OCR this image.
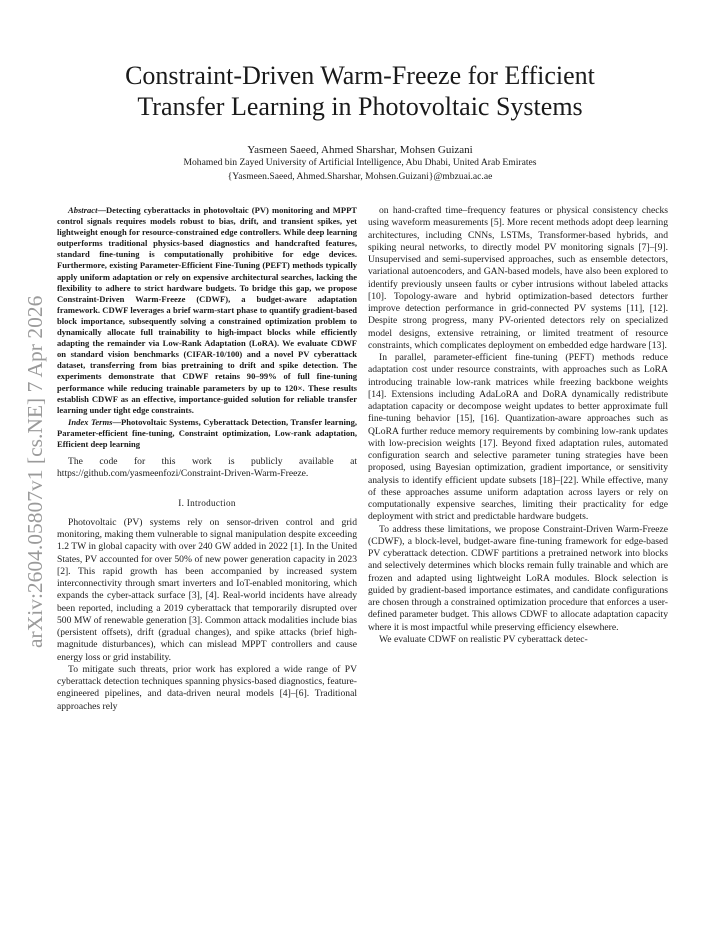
arXiv:2604.05807v1 [cs.NE] 7 Apr 2026
Constraint-Driven Warm-Freeze for Efficient
Transfer Learning in Photovoltaic Systems
Yasmeen Saeed, Ahmed Sharshar, Mohsen Guizani
Mohamed bin Zayed University of Artificial Intelligence, Abu Dhabi, United Arab Emirates
{Yasmeen.Saeed, Ahmed.Sharshar, Mohsen.Guizani}@mbzuai.ac.ae

Abstract—Detecting cyberattacks in photovoltaic (PV) monitoring and MPPT control signals requires models robust to bias, drift, and transient spikes, yet lightweight enough for resource-constrained edge controllers. While deep learning outperforms traditional physics-based diagnostics and handcrafted features, standard fine-tuning is computationally prohibitive for edge devices. Furthermore, existing Parameter-Efficient Fine-Tuning (PEFT) methods typically apply uniform adaptation or rely on expensive architectural searches, lacking the flexibility to adhere to strict hardware budgets. To bridge this gap, we propose Constraint-Driven Warm-Freeze (CDWF), a budget-aware adaptation framework. CDWF leverages a brief warm-start phase to quantify gradient-based block importance, subsequently solving a constrained optimization problem to dynamically allocate full trainability to high-impact blocks while efficiently adapting the remainder via Low-Rank Adaptation (LoRA). We evaluate CDWF on standard vision benchmarks (CIFAR-10/100) and a novel PV cyberattack dataset, transferring from bias pretraining to drift and spike detection. The experiments demonstrate that CDWF retains 90–99% of full fine-tuning performance while reducing trainable parameters by up to 120×. These results establish CDWF as an effective, importance-guided solution for reliable transfer learning under tight edge constraints.

Index Terms—Photovoltaic Systems, Cyberattack Detection, Transfer learning, Parameter-efficient fine-tuning, Constraint optimization, Low-rank adaptation, Efficient deep learning

The code for this work is publicly available at https://github.com/yasmeenfozi/Constraint-Driven-Warm-Freeze.

I. Introduction

Photovoltaic (PV) systems rely on sensor-driven control and grid monitoring, making them vulnerable to signal manipulation despite exceeding 1.2 TW in global capacity with over 240 GW added in 2022 [1]. In the United States, PV accounted for over 50% of new power generation capacity in 2023 [2]. This rapid growth has been accompanied by increased system interconnectivity through smart inverters and IoT-enabled monitoring, which expands the cyber-attack surface [3], [4]. Real-world incidents have already been reported, including a 2019 cyberattack that temporarily disrupted over 500 MW of renewable generation [3]. Common attack modalities include bias (persistent offsets), drift (gradual changes), and spike attacks (brief high-magnitude disturbances), which can mislead MPPT controllers and cause energy loss or grid instability.

To mitigate such threats, prior work has explored a wide range of PV cyberattack detection techniques spanning physics-based diagnostics, feature-engineered pipelines, and data-driven neural models [4]–[6]. Traditional approaches rely

on hand-crafted time–frequency features or physical consistency checks using waveform measurements [5]. More recent methods adopt deep learning architectures, including CNNs, LSTMs, Transformer-based hybrids, and spiking neural networks, to directly model PV monitoring signals [7]–[9]. Unsupervised and semi-supervised approaches, such as ensemble detectors, variational autoencoders, and GAN-based models, have also been explored to identify previously unseen faults or cyber intrusions without labeled attacks [10]. Topology-aware and hybrid optimization-based detectors further improve detection performance in grid-connected PV systems [11], [12]. Despite strong progress, many PV-oriented detectors rely on specialized model designs, extensive retraining, or limited treatment of resource constraints, which complicates deployment on embedded edge hardware [13].

In parallel, parameter-efficient fine-tuning (PEFT) methods reduce adaptation cost under resource constraints, with approaches such as LoRA introducing trainable low-rank matrices while freezing backbone weights [14]. Extensions including AdaLoRA and DoRA dynamically redistribute adaptation capacity or decompose weight updates to better approximate full fine-tuning behavior [15], [16]. Quantization-aware approaches such as QLoRA further reduce memory requirements by combining low-rank updates with low-precision weights [17]. Beyond fixed adaptation rules, automated configuration search and selective parameter tuning strategies have been proposed, using Bayesian optimization, gradient importance, or sensitivity analysis to identify efficient update subsets [18]–[22]. While effective, many of these approaches assume uniform adaptation across layers or rely on computationally expensive searches, limiting their practicality for edge deployment with strict and predictable hardware budgets.

To address these limitations, we propose Constraint-Driven Warm-Freeze (CDWF), a block-level, budget-aware fine-tuning framework for edge-based PV cyberattack detection. CDWF partitions a pretrained network into blocks and selectively determines which blocks remain fully trainable and which are frozen and adapted using lightweight LoRA modules. Block selection is guided by gradient-based importance estimates, and candidate configurations are chosen through a constrained optimization procedure that enforces a user-defined parameter budget. This allows CDWF to allocate adaptation capacity where it is most impactful while preserving efficiency elsewhere.

We evaluate CDWF on realistic PV cyberattack detec-
